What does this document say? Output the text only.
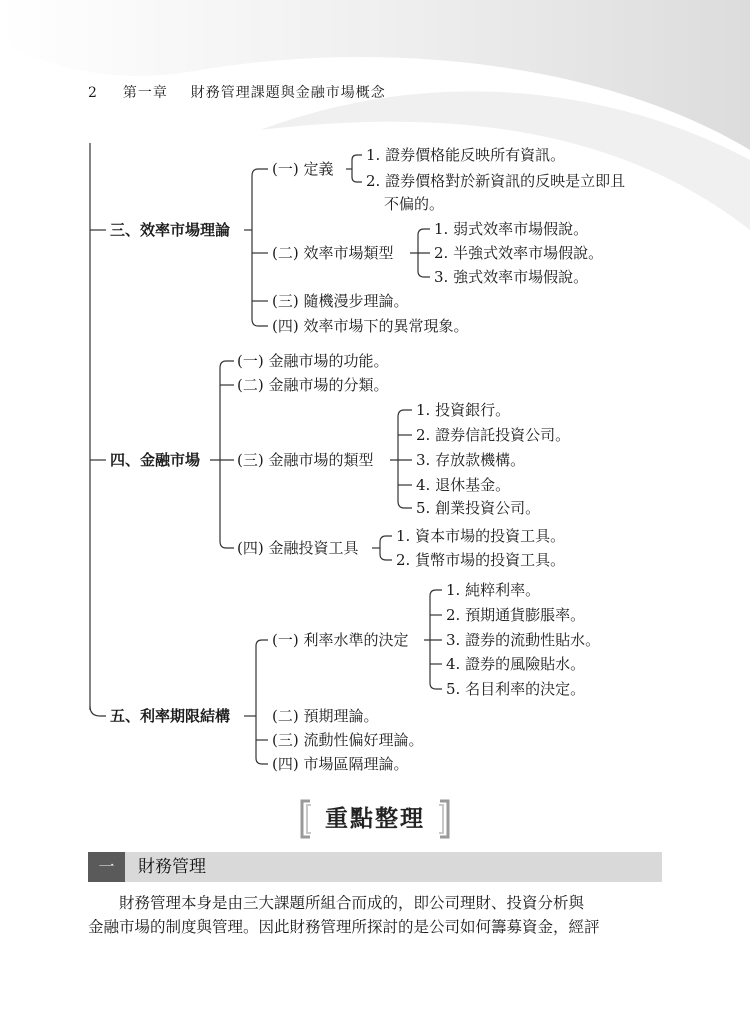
2 第一章 財務管理課題與金融市場概念
三、效率市場理論
(一) 定義
1. 證券價格能反映所有資訊。
2. 證券價格對於新資訊的反映是立即且
不偏的。
(二) 效率市場類型
1. 弱式效率市場假說。
2. 半強式效率市場假說。
3. 強式效率市場假說。
(三) 隨機漫步理論。
(四) 效率市場下的異常現象。
四、金融市場
(一) 金融市場的功能。
(二) 金融市場的分類。
(三) 金融市場的類型
1. 投資銀行。
2. 證券信託投資公司。
3. 存放款機構。
4. 退休基金。
5. 創業投資公司。
(四) 金融投資工具
1. 資本市場的投資工具。
2. 貨幣市場的投資工具。
五、利率期限結構
(一) 利率水準的決定
1. 純粹利率。
2. 預期通貨膨脹率。
3. 證券的流動性貼水。
4. 證券的風險貼水。
5. 名目利率的決定。
(二) 預期理論。
(三) 流動性偏好理論。
(四) 市場區隔理論。
重點整理
一	財務管理
財務管理本身是由三大課題所組合而成的，即公司理財、投資分析與
金融市場的制度與管理。因此財務管理所探討的是公司如何籌募資金，經評
